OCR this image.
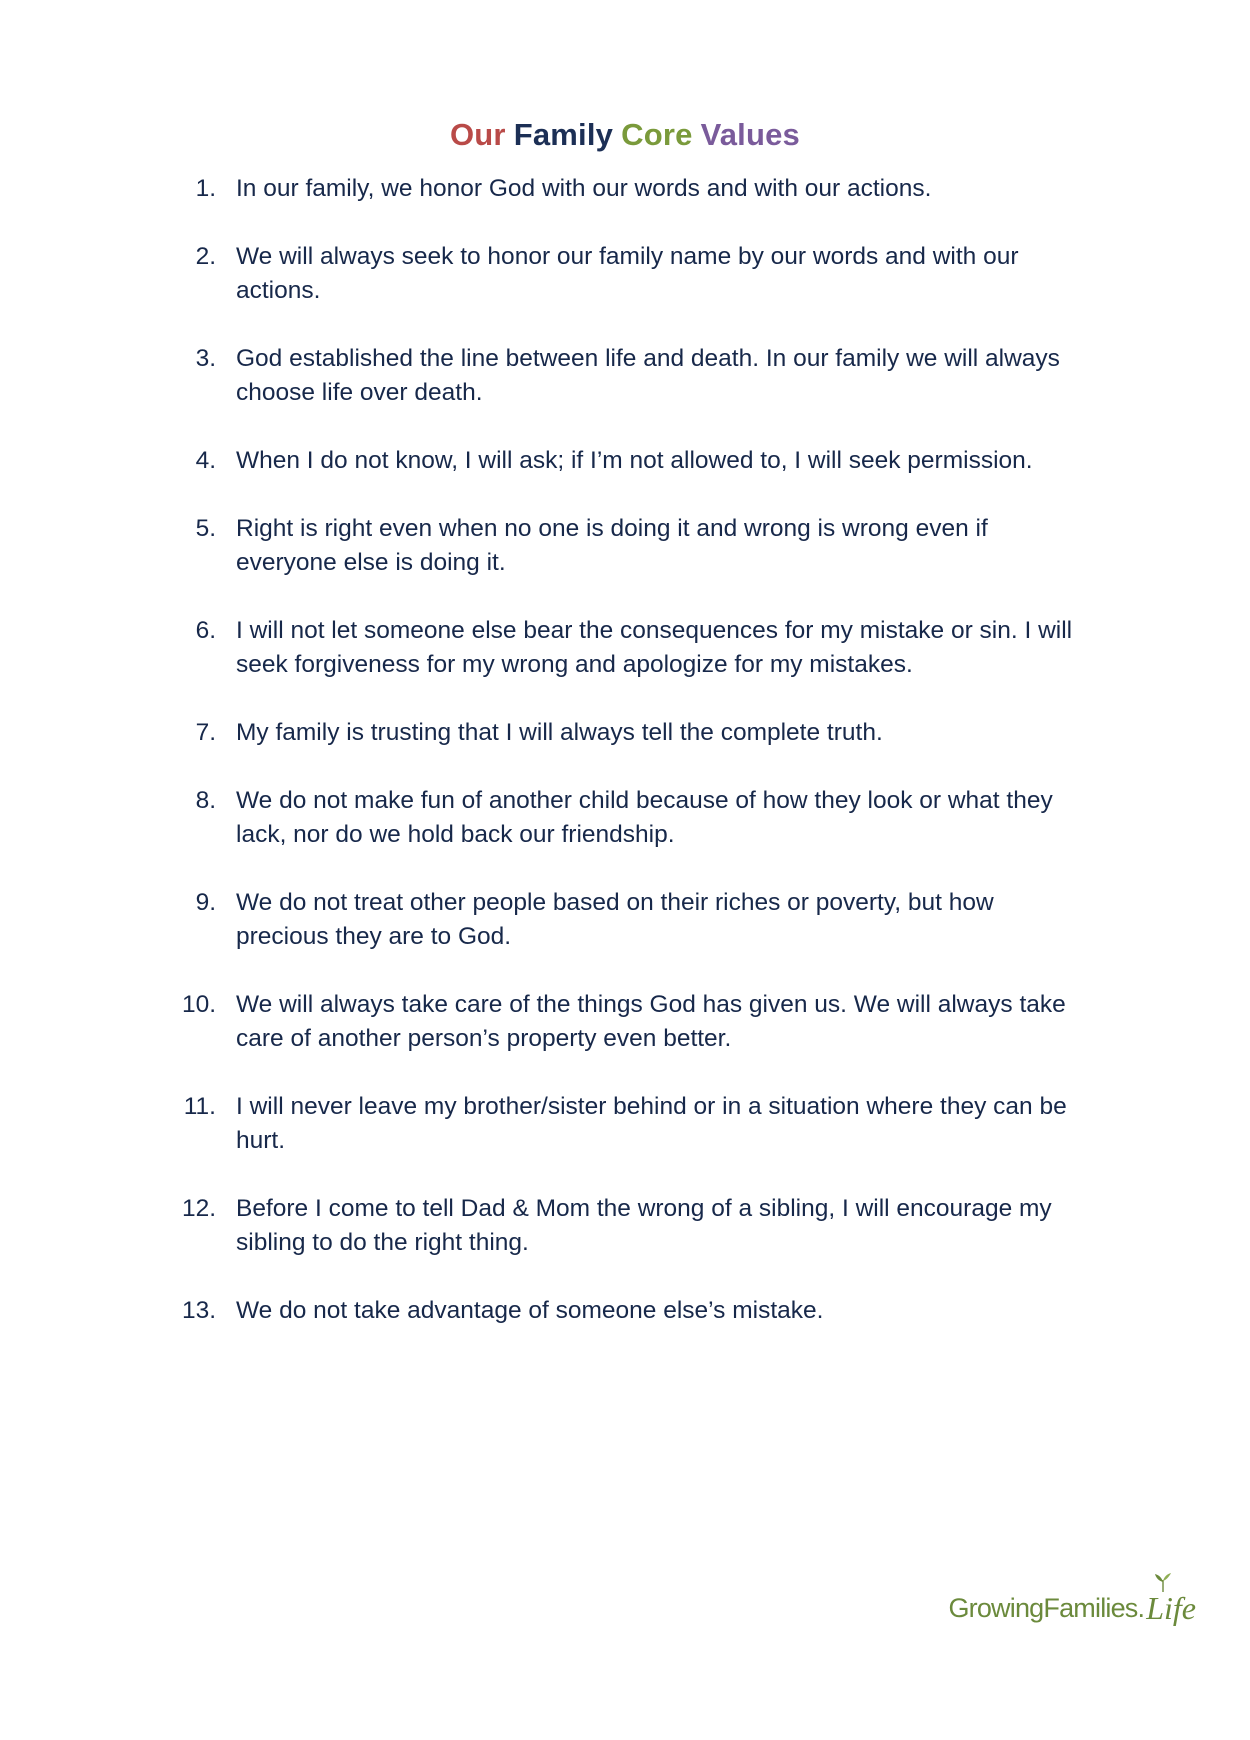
Our Family Core Values
1. In our family, we honor God with our words and with our actions.
2. We will always seek to honor our family name by our words and with our actions.
3. God established the line between life and death. In our family we will always choose life over death.
4. When I do not know, I will ask; if I’m not allowed to, I will seek permission.
5. Right is right even when no one is doing it and wrong is wrong even if everyone else is doing it.
6. I will not let someone else bear the consequences for my mistake or sin. I will seek forgiveness for my wrong and apologize for my mistakes.
7. My family is trusting that I will always tell the complete truth.
8. We do not make fun of another child because of how they look or what they lack, nor do we hold back our friendship.
9. We do not treat other people based on their riches or poverty, but how precious they are to God.
10. We will always take care of the things God has given us. We will always take care of another person’s property even better.
11. I will never leave my brother/sister behind or in a situation where they can be hurt.
12. Before I come to tell Dad & Mom the wrong of a sibling, I will encourage my sibling to do the right thing.
13. We do not take advantage of someone else’s mistake.
GrowingFamilies. Life
